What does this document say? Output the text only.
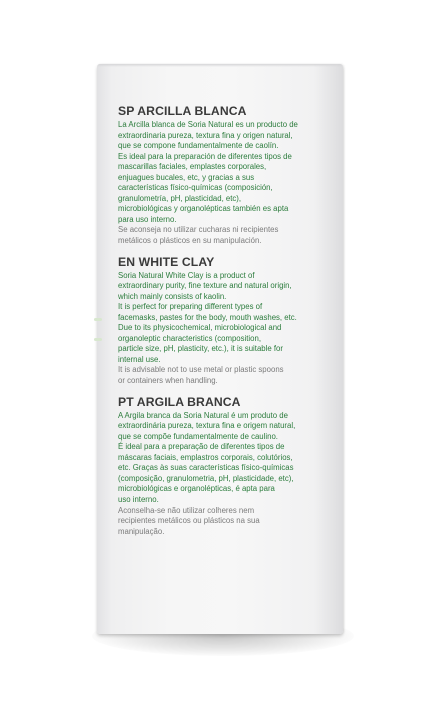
SP ARCILLA BLANCA
La Arcilla blanca de Soria Natural es un producto de
extraordinaria pureza, textura fina y origen natural,
que se compone fundamentalmente de caolín.
Es ideal para la preparación de diferentes tipos de
mascarillas faciales, emplastes corporales,
enjuagues bucales, etc, y gracias a sus
características físico-químicas (composición,
granulometría, pH, plasticidad, etc),
microbiológicas y organolépticas también es apta
para uso interno.
Se aconseja no utilizar cucharas ni recipientes
metálicos o plásticos en su manipulación.
EN WHITE CLAY
Soria Natural White Clay is a product of
extraordinary purity, fine texture and natural origin,
which mainly consists of kaolin.
It is perfect for preparing different types of
facemasks, pastes for the body, mouth washes, etc.
Due to its physicochemical, microbiological and
organoleptic characteristics (composition,
particle size, pH, plasticity, etc.), it is suitable for
internal use.
It is advisable not to use metal or plastic spoons
or containers when handling.
PT ARGILA BRANCA
A Argila branca da Soria Natural é um produto de
extraordinária pureza, textura fina e origem natural,
que se compõe fundamentalmente de caulino.
É ideal para a preparação de diferentes tipos de
máscaras faciais, emplastros corporais, colutórios,
etc. Graças às suas características físico-químicas
(composição, granulometria, pH, plasticidade, etc),
microbiológicas e organolépticas, é apta para
uso interno.
Aconselha-se não utilizar colheres nem
recipientes metálicos ou plásticos na sua
manipulação.
